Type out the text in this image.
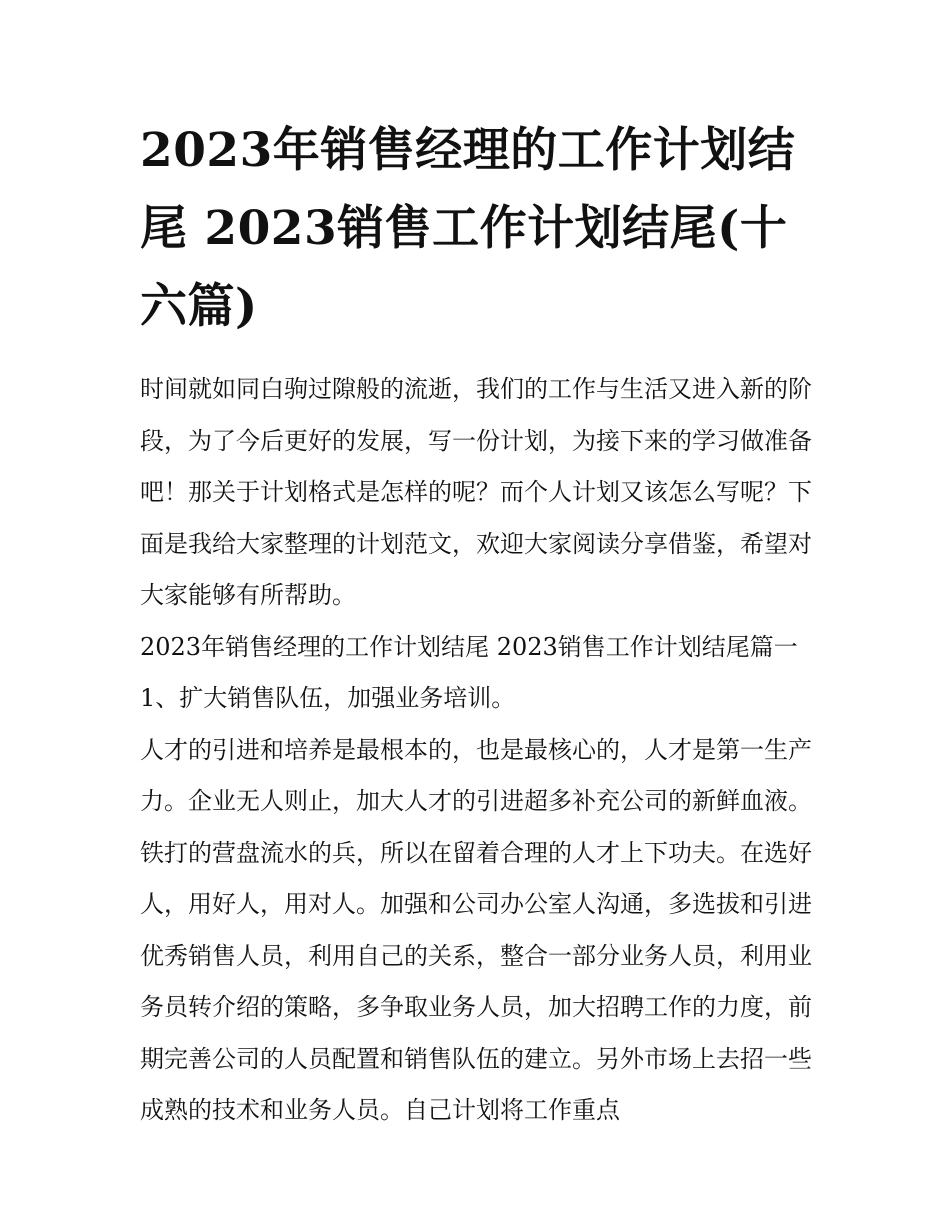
2023年销售经理的工作计划结尾 2023销售工作计划结尾(十六篇)

时间就如同白驹过隙般的流逝，我们的工作与生活又进入新的阶段，为了今后更好的发展，写一份计划，为接下来的学习做准备吧！那关于计划格式是怎样的呢？而个人计划又该怎么写呢？下面是我给大家整理的计划范文，欢迎大家阅读分享借鉴，希望对大家能够有所帮助。

2023年销售经理的工作计划结尾 2023销售工作计划结尾篇一

1、扩大销售队伍，加强业务培训。

人才的引进和培养是最根本的，也是最核心的，人才是第一生产力。企业无人则止，加大人才的引进超多补充公司的新鲜血液。铁打的营盘流水的兵，所以在留着合理的人才上下功夫。在选好人，用好人，用对人。加强和公司办公室人沟通，多选拔和引进优秀销售人员，利用自己的关系，整合一部分业务人员，利用业务员转介绍的策略，多争取业务人员，加大招聘工作的力度，前期完善公司的人员配置和销售队伍的建立。另外市场上去招一些成熟的技术和业务人员。自己计划将工作重点
